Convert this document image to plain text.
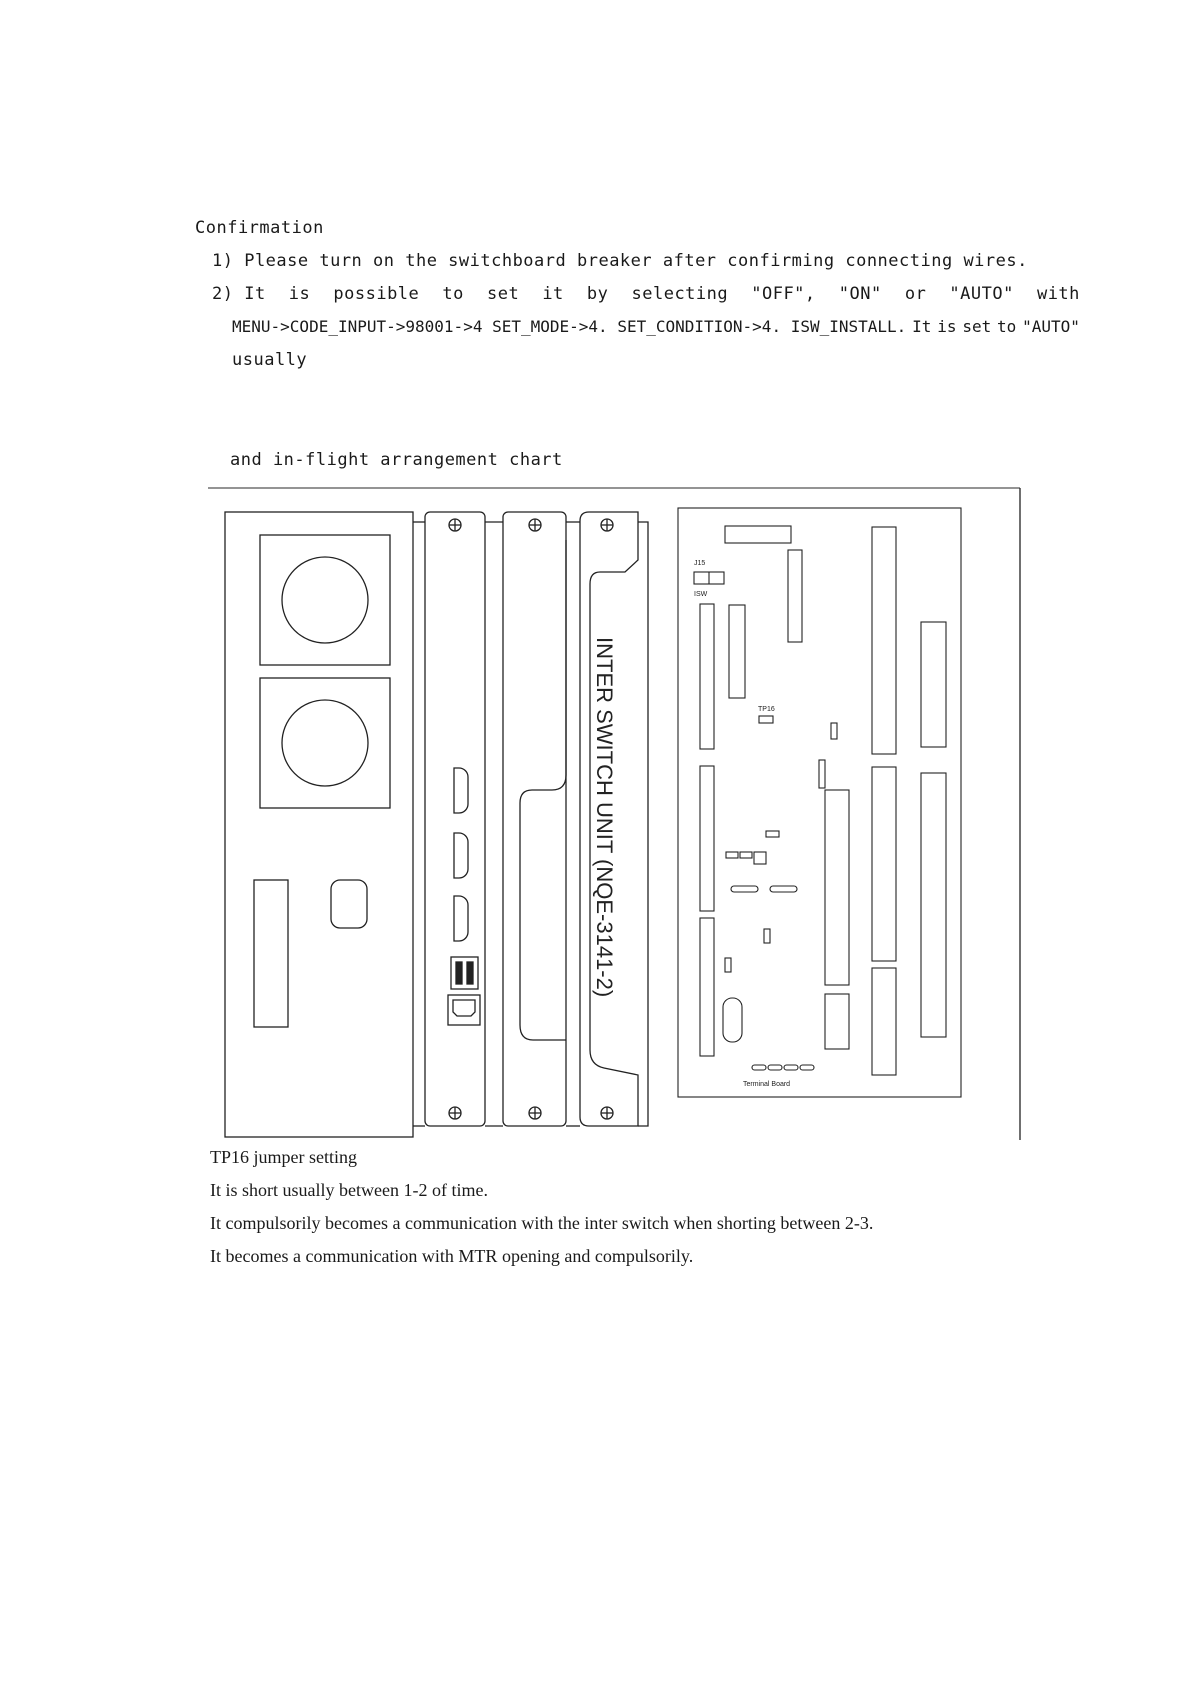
Confirmation
1) Please turn on the switchboard breaker after confirming connecting wires.
2) It is possible to set it by selecting "OFF", "ON" or "AUTO" with
MENU->CODE_INPUT->98001->4 SET_MODE->4. SET_CONDITION->4. ISW_INSTALL. It is set to "AUTO"
usually
and in-flight arrangement chart
INTER SWITCH UNIT (NQE-3141-2)
J15
ISW
TP16
Terminal Board
TP16 jumper setting
It is short usually between 1-2 of time.
It compulsorily becomes a communication with the inter switch when shorting between 2-3.
It becomes a communication with MTR opening and compulsorily.
